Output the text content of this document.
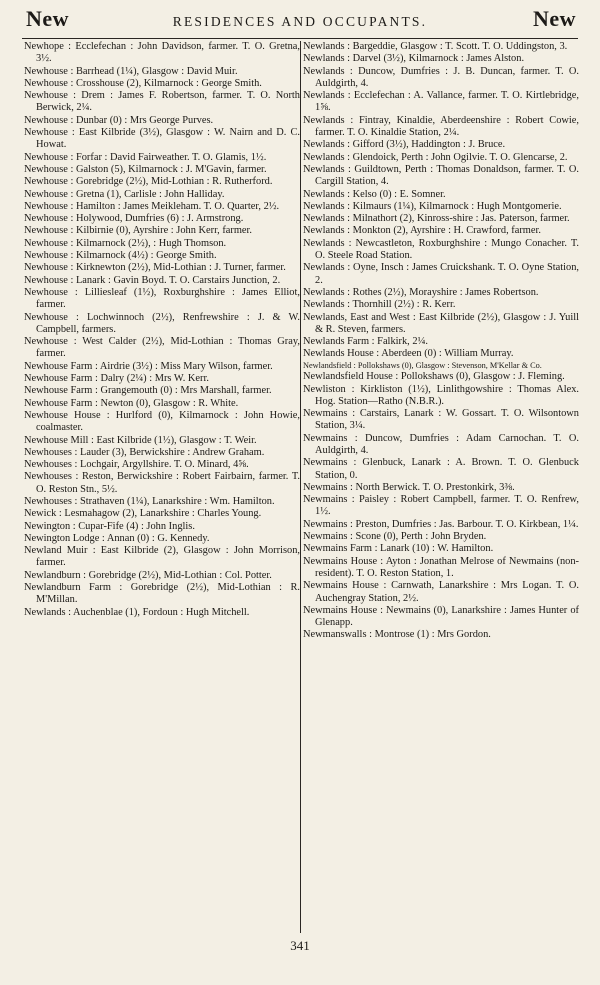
New	RESIDENCES AND OCCUPANTS.	New

Newhope : Ecclefechan : John Davidson, farmer. T. O. Gretna, 3½.

Newhouse : Barrhead (1¼), Glasgow : David Muir.

Newhouse : Crosshouse (2), Kilmarnock : George Smith.

Newhouse : Drem : James F. Robertson, farmer. T. O. North Berwick, 2¼.

Newhouse : Dunbar (0) : Mrs George Purves.

Newhouse : East Kilbride (3½), Glasgow : W. Nairn and D. C. Howat.

Newhouse : Forfar : David Fairweather. T. O. Glamis, 1½.

Newhouse : Galston (5), Kilmarnock : J. M'Gavin, farmer.

Newhouse : Gorebridge (2½), Mid-Lothian : R. Rutherford.

Newhouse : Gretna (1), Carlisle : John Halliday.

Newhouse : Hamilton : James Meikleham. T. O. Quarter, 2½.

Newhouse : Holywood, Dumfries (6) : J. Armstrong.

Newhouse : Kilbirnie (0), Ayrshire : John Kerr, farmer.

Newhouse : Kilmarnock (2½), : Hugh Thomson.

Newhouse : Kilmarnock (4½) : George Smith.

Newhouse : Kirknewton (2½), Mid-Lothian : J. Turner, farmer.

Newhouse : Lanark : Gavin Boyd. T. O. Carstairs Junction, 2.

Newhouse : Lilliesleaf (1½), Roxburghshire : James Elliot, farmer.

Newhouse : Lochwinnoch (2½), Renfrewshire : J. & W. Campbell, farmers.

Newhouse : West Calder (2½), Mid-Lothian : Thomas Gray, farmer.

Newhouse Farm : Airdrie (3½) : Miss Mary Wilson, farmer.

Newhouse Farm : Dalry (2¼) : Mrs W. Kerr.

Newhouse Farm : Grangemouth (0) : Mrs Marshall, farmer.

Newhouse Farm : Newton (0), Glasgow : R. White.

Newhouse House : Hurlford (0), Kilmarnock : John Howie, coalmaster.

Newhouse Mill : East Kilbride (1½), Glasgow : T. Weir.

Newhouses : Lauder (3), Berwickshire : Andrew Graham.

Newhouses : Lochgair, Argyllshire. T. O. Minard, 4⅝.

Newhouses : Reston, Berwickshire : Robert Fairbairn, farmer. T. O. Reston Stn., 5½.

Newhouses : Strathaven (1¼), Lanarkshire : Wm. Hamilton.

Newick : Lesmahagow (2), Lanarkshire : Charles Young.

Newington : Cupar-Fife (4) : John Inglis.

Newington Lodge : Annan (0) : G. Kennedy.

Newland Muir : East Kilbride (2), Glasgow : John Morrison, farmer.

Newlandburn : Gorebridge (2½), Mid-Lothian : Col. Potter.

Newlandburn Farm : Gorebridge (2½), Mid-Lothian : R. M'Millan.

Newlands : Auchenblae (1), Fordoun : Hugh Mitchell.

Newlands : Bargeddie, Glasgow : T. Scott. T. O. Uddingston, 3.

Newlands : Darvel (3½), Kilmarnock : James Alston.

Newlands : Duncow, Dumfries : J. B. Duncan, farmer. T. O. Auldgirth, 4.

Newlands : Ecclefechan : A. Vallance, farmer. T. O. Kirtlebridge, 1⅝.

Newlands : Fintray, Kinaldie, Aberdeenshire : Robert Cowie, farmer. T. O. Kinaldie Station, 2¼.

Newlands : Gifford (3½), Haddington : J. Bruce.

Newlands : Glendoick, Perth : John Ogilvie. T. O. Glencarse, 2.

Newlands : Guildtown, Perth : Thomas Donaldson, farmer. T. O. Cargill Station, 4.

Newlands : Kelso (0) : E. Somner.

Newlands : Kilmaurs (1¼), Kilmarnock : Hugh Montgomerie.

Newlands : Milnathort (2), Kinross-shire : Jas. Paterson, farmer.

Newlands : Monkton (2), Ayrshire : H. Crawford, farmer.

Newlands : Newcastleton, Roxburghshire : Mungo Conacher. T. O. Steele Road Station.

Newlands : Oyne, Insch : James Cruickshank. T. O. Oyne Station, 2.

Newlands : Rothes (2½), Morayshire : James Robertson.

Newlands : Thornhill (2½) : R. Kerr.

Newlands, East and West : East Kilbride (2½), Glasgow : J. Yuill & R. Steven, farmers.

Newlands Farm : Falkirk, 2¼.

Newlands House : Aberdeen (0) : William Murray.

Newlandsfield : Pollokshaws (0), Glasgow : Stevenson, M'Kellar & Co.

Newlandsfield House : Pollokshaws (0), Glasgow : J. Fleming.

Newliston : Kirkliston (1½), Linlithgowshire : Thomas Alex. Hog. Station—Ratho (N.B.R.).

Newmains : Carstairs, Lanark : W. Gossart. T. O. Wilsontown Station, 3¼.

Newmains : Duncow, Dumfries : Adam Carnochan. T. O. Auldgirth, 4.

Newmains : Glenbuck, Lanark : A. Brown. T. O. Glenbuck Station, 0.

Newmains : North Berwick. T. O. Prestonkirk, 3⅜.

Newmains : Paisley : Robert Campbell, farmer. T. O. Renfrew, 1½.

Newmains : Preston, Dumfries : Jas. Barbour. T. O. Kirkbean, 1¼.

Newmains : Scone (0), Perth : John Bryden.

Newmains Farm : Lanark (10) : W. Hamilton.

Newmains House : Ayton : Jonathan Melrose of Newmains (non-resident). T. O. Reston Station, 1.

Newmains House : Carnwath, Lanarkshire : Mrs Logan. T. O. Auchengray Station, 2½.

Newmains House : Newmains (0), Lanarkshire : James Hunter of Glenapp.

Newmanswalls : Montrose (1) : Mrs Gordon.

341
